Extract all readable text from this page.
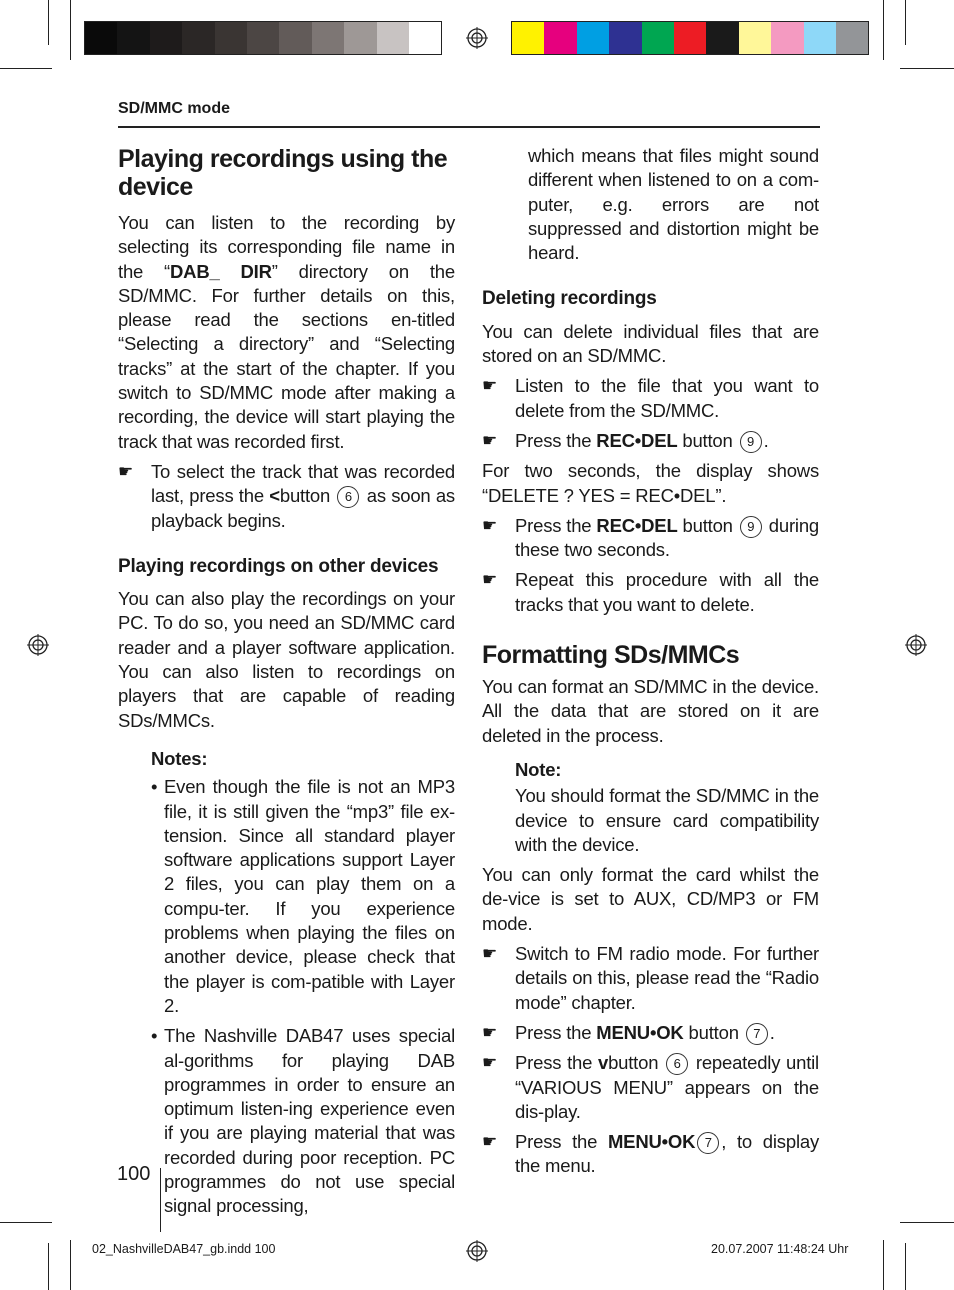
SD/MMC mode
Playing recordings using the device

You can listen to the recording by selecting its corresponding file name in the “DAB_ DIR” directory on the SD/MMC. For further details on this, please read the sections en-titled “Selecting a directory” and “Selecting tracks” at the start of the chapter. If you switch to SD/MMC mode after making a recording, the device will start playing the track that was recorded first.

☛ To select the track that was recorded last, press the <button 6 as soon as playback begins.
Playing recordings on other devices

You can also play the recordings on your PC. To do so, you need an SD/MMC card reader and a player software application. You can also listen to recordings on players that are capable of reading SDs/MMCs.

Notes:
• Even though the file is not an MP3 file, it is still given the “mp3” file ex-tension. Since all standard player software applications support Layer 2 files, you can play them on a compu-ter. If you experience problems when playing the files on another device, please check that the player is com-patible with Layer 2.
• The Nashville DAB47 uses special al-gorithms for playing DAB programmes in order to ensure an optimum listen-ing experience even if you are playing material that was recorded during poor reception. PC programmes do not use special signal processing,

which means that files might sound different when listened to on a com-puter, e.g. errors are not suppressed and distortion might be heard.

Deleting recordings

You can delete individual files that are stored on an SD/MMC.

☛ Listen to the file that you want to delete from the SD/MMC.
☛ Press the REC•DEL button 9 .

For two seconds, the display shows “DELETE ? YES = REC•DEL”.

☛ Press the REC•DEL button 9 during these two seconds.
☛ Repeat this procedure with all the tracks that you want to delete.
Formatting SDs/MMCs

You can format an SD/MMC in the device. All the data that are stored on it are deleted in the process.

Note:

You should format the SD/MMC in the device to ensure card compatibility with the device.

You can only format the card whilst the de-vice is set to AUX, CD/MP3 or FM mode.

☛ Switch to FM radio mode. For further details on this, please read the “Radio mode” chapter.
☛ Press the MENU•OK button 7 .
☛ Press the vbutton 6 repeatedly until “VARIOUS MENU” appears on the dis-play.
☛ Press the MENU•OK 7 , to display the menu.
100
02_NashvilleDAB47_gb.indd 100	20.07.2007 11:48:24 Uhr
